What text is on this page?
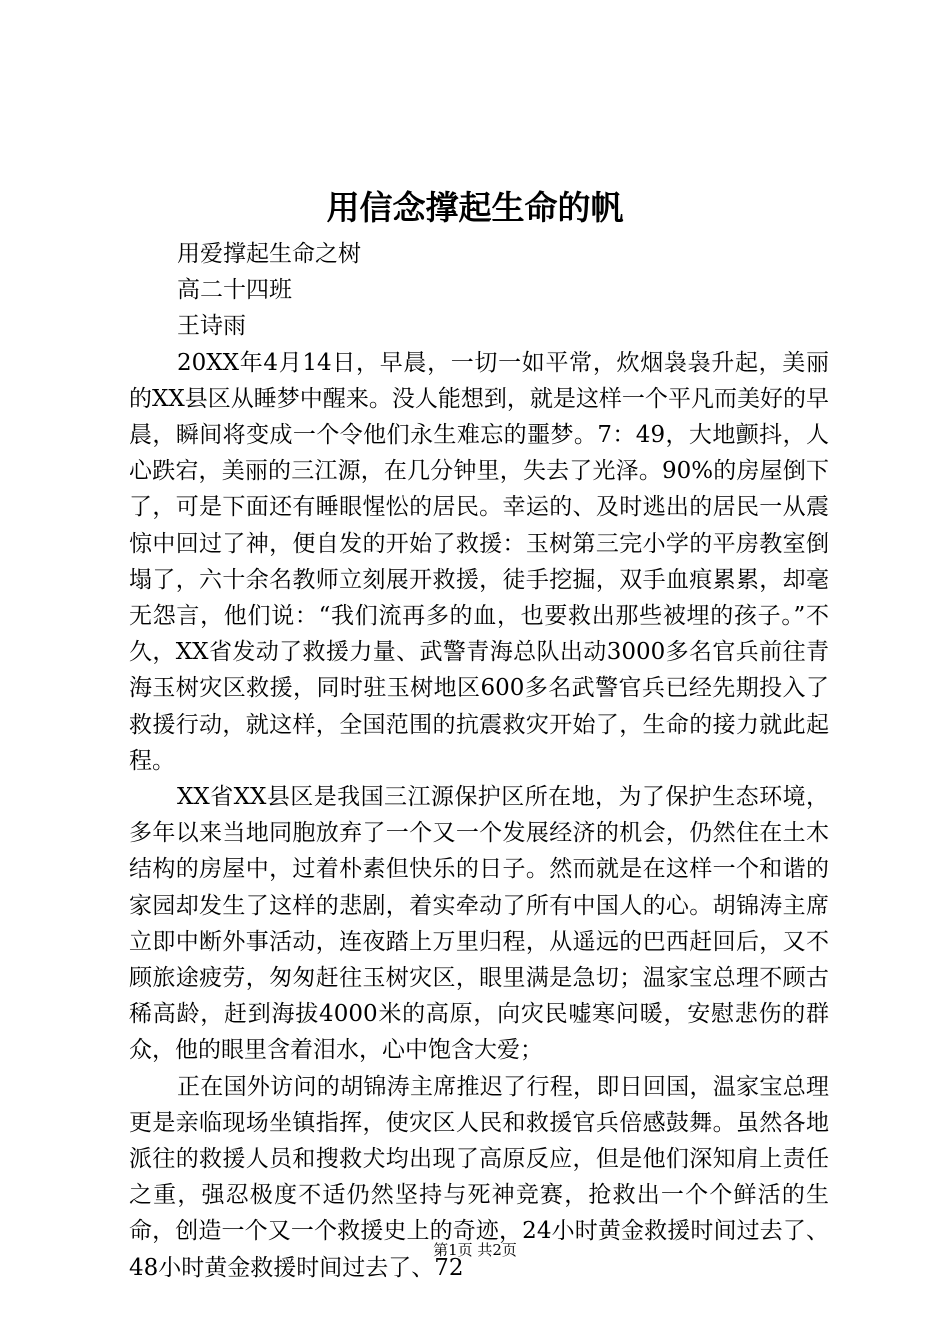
用信念撑起生命的帆

用爱撑起生命之树

高二十四班

王诗雨

20XX年4月14日，早晨，一切一如平常，炊烟袅袅升起，美丽的XX县区从睡梦中醒来。没人能想到，就是这样一个平凡而美好的早晨，瞬间将变成一个令他们永生难忘的噩梦。7：49，大地颤抖，人心跌宕，美丽的三江源，在几分钟里，失去了光泽。90%的房屋倒下了，可是下面还有睡眼惺忪的居民。幸运的、及时逃出的居民一从震惊中回过了神，便自发的开始了救援：玉树第三完小学的平房教室倒塌了，六十余名教师立刻展开救援，徒手挖掘，双手血痕累累，却毫无怨言，他们说：“我们流再多的血，也要救出那些被埋的孩子。”不久，XX省发动了救援力量、武警青海总队出动3000多名官兵前往青海玉树灾区救援，同时驻玉树地区600多名武警官兵已经先期投入了救援行动，就这样，全国范围的抗震救灾开始了，生命的接力就此起程。

XX省XX县区是我国三江源保护区所在地，为了保护生态环境，多年以来当地同胞放弃了一个又一个发展经济的机会，仍然住在土木结构的房屋中，过着朴素但快乐的日子。然而就是在这样一个和谐的家园却发生了这样的悲剧，着实牵动了所有中国人的心。胡锦涛主席立即中断外事活动，连夜踏上万里归程，从遥远的巴西赶回后，又不顾旅途疲劳，匆匆赶往玉树灾区，眼里满是急切；温家宝总理不顾古稀高龄，赶到海拔4000米的高原，向灾民嘘寒问暖，安慰悲伤的群众，他的眼里含着泪水，心中饱含大爱；

正在国外访问的胡锦涛主席推迟了行程，即日回国，温家宝总理更是亲临现场坐镇指挥，使灾区人民和救援官兵倍感鼓舞。虽然各地派往的救援人员和搜救犬均出现了高原反应，但是他们深知肩上责任之重，强忍极度不适仍然坚持与死神竞赛，抢救出一个个鲜活的生命，创造一个又一个救援史上的奇迹，24小时黄金救援时间过去了、48小时黄金救援时间过去了、72

第1页 共2页
